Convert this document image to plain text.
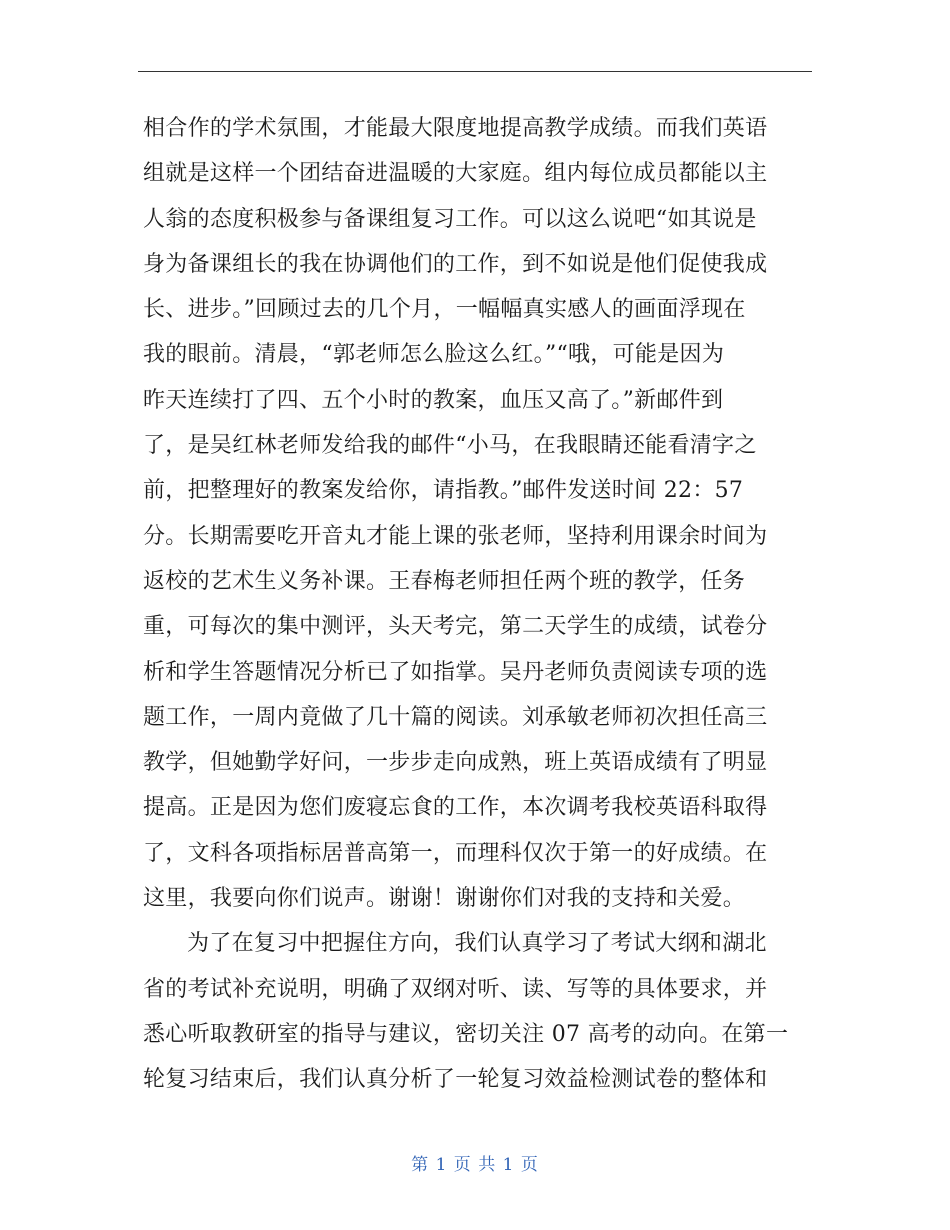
相合作的学术氛围，才能最大限度地提高教学成绩。而我们英语
组就是这样一个团结奋进温暖的大家庭。组内每位成员都能以主
人翁的态度积极参与备课组复习工作。可以这么说吧“如其说是
身为备课组长的我在协调他们的工作，到不如说是他们促使我成
长、进步。”回顾过去的几个月，一幅幅真实感人的画面浮现在
我的眼前。清晨，“郭老师怎么脸这么红。”“哦，可能是因为
昨天连续打了四、五个小时的教案，血压又高了。”新邮件到
了，是吴红林老师发给我的邮件“小马，在我眼睛还能看清字之
前，把整理好的教案发给你，请指教。”邮件发送时间 22：57
分。长期需要吃开音丸才能上课的张老师，坚持利用课余时间为
返校的艺术生义务补课。王春梅老师担任两个班的教学，任务
重，可每次的集中测评，头天考完，第二天学生的成绩，试卷分
析和学生答题情况分析已了如指掌。吴丹老师负责阅读专项的选
题工作，一周内竟做了几十篇的阅读。刘承敏老师初次担任高三
教学，但她勤学好问，一步步走向成熟，班上英语成绩有了明显
提高。正是因为您们废寝忘食的工作，本次调考我校英语科取得
了，文科各项指标居普高第一，而理科仅次于第一的好成绩。在
这里，我要向你们说声。谢谢！谢谢你们对我的支持和关爱。
为了在复习中把握住方向，我们认真学习了考试大纲和湖北
省的考试补充说明，明确了双纲对听、读、写等的具体要求，并
悉心听取教研室的指导与建议，密切关注 07 高考的动向。在第一
轮复习结束后，我们认真分析了一轮复习效益检测试卷的整体和
第 1 页 共 1 页
